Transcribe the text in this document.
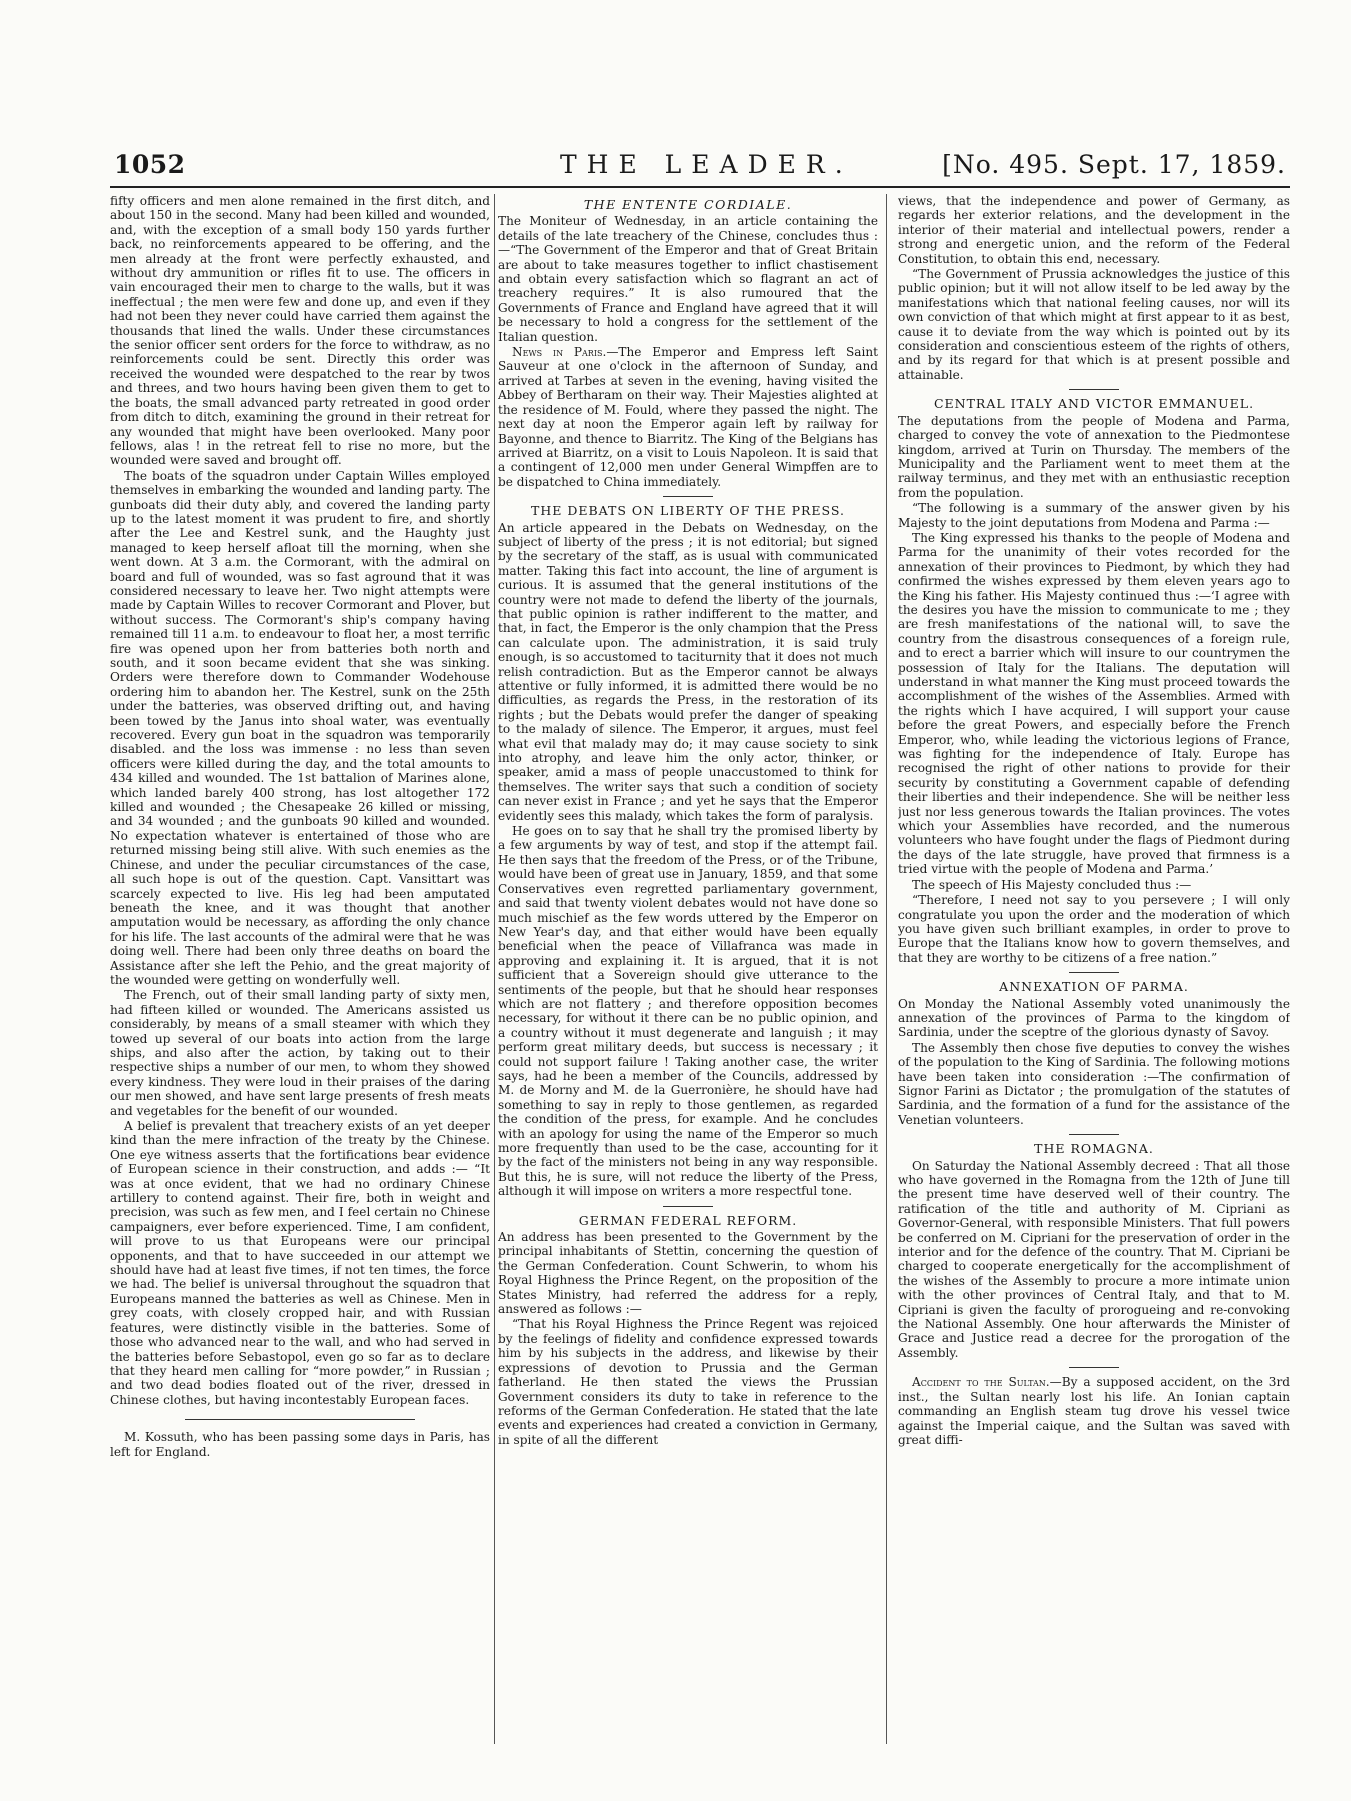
1052	THE LEADER.	[No. 495. Sept. 17, 1859.

fifty officers and men alone remained in the first ditch, and about 150 in the second. Many had been killed and wounded, and, with the exception of a small body 150 yards further back, no reinforcements appeared to be offering, and the men already at the front were perfectly exhausted, and without dry ammunition or rifles fit to use. The officers in vain encouraged their men to charge to the walls, but it was ineffectual ; the men were few and done up, and even if they had not been they never could have carried them against the thousands that lined the walls. Under these circumstances the senior officer sent orders for the force to withdraw, as no reinforcements could be sent. Directly this order was received the wounded were despatched to the rear by twos and threes, and two hours having been given them to get to the boats, the small advanced party retreated in good order from ditch to ditch, examining the ground in their retreat for any wounded that might have been overlooked. Many poor fellows, alas ! in the retreat fell to rise no more, but the wounded were saved and brought off.

The boats of the squadron under Captain Willes employed themselves in embarking the wounded and landing party. The gunboats did their duty ably, and covered the landing party up to the latest moment it was prudent to fire, and shortly after the Lee and Kestrel sunk, and the Haughty just managed to keep herself afloat till the morning, when she went down. At 3 a.m. the Cormorant, with the admiral on board and full of wounded, was so fast aground that it was considered necessary to leave her. Two night attempts were made by Captain Willes to recover Cormorant and Plover, but without success. The Cormorant's ship's company having remained till 11 a.m. to endeavour to float her, a most terrific fire was opened upon her from batteries both north and south, and it soon became evident that she was sinking. Orders were therefore down to Commander Wodehouse ordering him to abandon her. The Kestrel, sunk on the 25th under the batteries, was observed drifting out, and having been towed by the Janus into shoal water, was eventually recovered. Every gun boat in the squadron was temporarily disabled. and the loss was immense : no less than seven officers were killed during the day, and the total amounts to 434 killed and wounded. The 1st battalion of Marines alone, which landed barely 400 strong, has lost altogether 172 killed and wounded ; the Chesapeake 26 killed or missing, and 34 wounded ; and the gunboats 90 killed and wounded. No expectation whatever is entertained of those who are returned missing being still alive. With such enemies as the Chinese, and under the peculiar circumstances of the case, all such hope is out of the question. Capt. Vansittart was scarcely expected to live. His leg had been amputated beneath the knee, and it was thought that another amputation would be necessary, as affording the only chance for his life. The last accounts of the admiral were that he was doing well. There had been only three deaths on board the Assistance after she left the Pehio, and the great majority of the wounded were getting on wonderfully well.

The French, out of their small landing party of sixty men, had fifteen killed or wounded. The Americans assisted us considerably, by means of a small steamer with which they towed up several of our boats into action from the large ships, and also after the action, by taking out to their respective ships a number of our men, to whom they showed every kindness. They were loud in their praises of the daring our men showed, and have sent large presents of fresh meats and vegetables for the benefit of our wounded.

A belief is prevalent that treachery exists of an yet deeper kind than the mere infraction of the treaty by the Chinese. One eye witness asserts that the fortifications bear evidence of European science in their construction, and adds :— “It was at once evident, that we had no ordinary Chinese artillery to contend against. Their fire, both in weight and precision, was such as few men, and I feel certain no Chinese campaigners, ever before experienced. Time, I am confident, will prove to us that Europeans were our principal opponents, and that to have succeeded in our attempt we should have had at least five times, if not ten times, the force we had. The belief is universal throughout the squadron that Europeans manned the batteries as well as Chinese. Men in grey coats, with closely cropped hair, and with Russian features, were distinctly visible in the batteries. Some of those who advanced near to the wall, and who had served in the batteries before Sebastopol, even go so far as to declare that they heard men calling for “more powder,” in Russian ; and two dead bodies floated out of the river, dressed in Chinese clothes, but having incontestably European faces.

M. Kossuth, who has been passing some days in Paris, has left for England.

THE ENTENTE CORDIALE.

The Moniteur of Wednesday, in an article containing the details of the late treachery of the Chinese, concludes thus :—“The Government of the Emperor and that of Great Britain are about to take measures together to inflict chastisement and obtain every satisfaction which so flagrant an act of treachery requires.” It is also rumoured that the Governments of France and England have agreed that it will be necessary to hold a congress for the settlement of the Italian question.

News in Paris.—The Emperor and Empress left Saint Sauveur at one o'clock in the afternoon of Sunday, and arrived at Tarbes at seven in the evening, having visited the Abbey of Bertharam on their way. Their Majesties alighted at the residence of M. Fould, where they passed the night. The next day at noon the Emperor again left by railway for Bayonne, and thence to Biarritz. The King of the Belgians has arrived at Biarritz, on a visit to Louis Napoleon. It is said that a contingent of 12,000 men under General Wimpffen are to be dispatched to China immediately.

THE DEBATS ON LIBERTY OF THE PRESS.

An article appeared in the Debats on Wednesday, on the subject of liberty of the press ; it is not editorial; but signed by the secretary of the staff, as is usual with communicated matter. Taking this fact into account, the line of argument is curious. It is assumed that the general institutions of the country were not made to defend the liberty of the journals, that public opinion is rather indifferent to the matter, and that, in fact, the Emperor is the only champion that the Press can calculate upon. The administration, it is said truly enough, is so accustomed to taciturnity that it does not much relish contradiction. But as the Emperor cannot be always attentive or fully informed, it is admitted there would be no difficulties, as regards the Press, in the restoration of its rights ; but the Debats would prefer the danger of speaking to the malady of silence. The Emperor, it argues, must feel what evil that malady may do; it may cause society to sink into atrophy, and leave him the only actor, thinker, or speaker, amid a mass of people unaccustomed to think for themselves. The writer says that such a condition of society can never exist in France ; and yet he says that the Emperor evidently sees this malady, which takes the form of paralysis.

He goes on to say that he shall try the promised liberty by a few arguments by way of test, and stop if the attempt fail. He then says that the freedom of the Press, or of the Tribune, would have been of great use in January, 1859, and that some Conservatives even regretted parliamentary government, and said that twenty violent debates would not have done so much mischief as the few words uttered by the Emperor on New Year's day, and that either would have been equally beneficial when the peace of Villafranca was made in approving and explaining it. It is argued, that it is not sufficient that a Sovereign should give utterance to the sentiments of the people, but that he should hear responses which are not flattery ; and therefore opposition becomes necessary, for without it there can be no public opinion, and a country without it must degenerate and languish ; it may perform great military deeds, but success is necessary ; it could not support failure ! Taking another case, the writer says, had he been a member of the Councils, addressed by M. de Morny and M. de la Guerronière, he should have had something to say in reply to those gentlemen, as regarded the condition of the press, for example. And he concludes with an apology for using the name of the Emperor so much more frequently than used to be the case, accounting for it by the fact of the ministers not being in any way responsible. But this, he is sure, will not reduce the liberty of the Press, although it will impose on writers a more respectful tone.

GERMAN FEDERAL REFORM.

An address has been presented to the Government by the principal inhabitants of Stettin, concerning the question of the German Confederation. Count Schwerin, to whom his Royal Highness the Prince Regent, on the proposition of the States Ministry, had referred the address for a reply, answered as follows :—

“That his Royal Highness the Prince Regent was rejoiced by the feelings of fidelity and confidence expressed towards him by his subjects in the address, and likewise by their expressions of devotion to Prussia and the German fatherland. He then stated the views the Prussian Government considers its duty to take in reference to the reforms of the German Confederation. He stated that the late events and experiences had created a conviction in Germany, in spite of all the different

views, that the independence and power of Germany, as regards her exterior relations, and the development in the interior of their material and intellectual powers, render a strong and energetic union, and the reform of the Federal Constitution, to obtain this end, necessary.

“The Government of Prussia acknowledges the justice of this public opinion; but it will not allow itself to be led away by the manifestations which that national feeling causes, nor will its own conviction of that which might at first appear to it as best, cause it to deviate from the way which is pointed out by its consideration and conscientious esteem of the rights of others, and by its regard for that which is at present possible and attainable.

CENTRAL ITALY AND VICTOR EMMANUEL.

The deputations from the people of Modena and Parma, charged to convey the vote of annexation to the Piedmontese kingdom, arrived at Turin on Thursday. The members of the Municipality and the Parliament went to meet them at the railway terminus, and they met with an enthusiastic reception from the population.

“The following is a summary of the answer given by his Majesty to the joint deputations from Modena and Parma :—

The King expressed his thanks to the people of Modena and Parma for the unanimity of their votes recorded for the annexation of their provinces to Piedmont, by which they had confirmed the wishes expressed by them eleven years ago to the King his father. His Majesty continued thus :—‘I agree with the desires you have the mission to communicate to me ; they are fresh manifestations of the national will, to save the country from the disastrous consequences of a foreign rule, and to erect a barrier which will insure to our countrymen the possession of Italy for the Italians. The deputation will understand in what manner the King must proceed towards the accomplishment of the wishes of the Assemblies. Armed with the rights which I have acquired, I will support your cause before the great Powers, and especially before the French Emperor, who, while leading the victorious legions of France, was fighting for the independence of Italy. Europe has recognised the right of other nations to provide for their security by constituting a Government capable of defending their liberties and their independence. She will be neither less just nor less generous towards the Italian provinces. The votes which your Assemblies have recorded, and the numerous volunteers who have fought under the flags of Piedmont during the days of the late struggle, have proved that firmness is a tried virtue with the people of Modena and Parma.’

The speech of His Majesty concluded thus :—

“Therefore, I need not say to you persevere ; I will only congratulate you upon the order and the moderation of which you have given such brilliant examples, in order to prove to Europe that the Italians know how to govern themselves, and that they are worthy to be citizens of a free nation.”

ANNEXATION OF PARMA.

On Monday the National Assembly voted unanimously the annexation of the provinces of Parma to the kingdom of Sardinia, under the sceptre of the glorious dynasty of Savoy.

The Assembly then chose five deputies to convey the wishes of the population to the King of Sardinia. The following motions have been taken into consideration :—The confirmation of Signor Farini as Dictator ; the promulgation of the statutes of Sardinia, and the formation of a fund for the assistance of the Venetian volunteers.

THE ROMAGNA.

On Saturday the National Assembly decreed : That all those who have governed in the Romagna from the 12th of June till the present time have deserved well of their country. The ratification of the title and authority of M. Cipriani as Governor-General, with responsible Ministers. That full powers be conferred on M. Cipriani for the preservation of order in the interior and for the defence of the country. That M. Cipriani be charged to cooperate energetically for the accomplishment of the wishes of the Assembly to procure a more intimate union with the other provinces of Central Italy, and that to M. Cipriani is given the faculty of prorogueing and re-convoking the National Assembly. One hour afterwards the Minister of Grace and Justice read a decree for the prorogation of the Assembly.

Accident to the Sultan.—By a supposed accident, on the 3rd inst., the Sultan nearly lost his life. An Ionian captain commanding an English steam tug drove his vessel twice against the Imperial caique, and the Sultan was saved with great diffi-
